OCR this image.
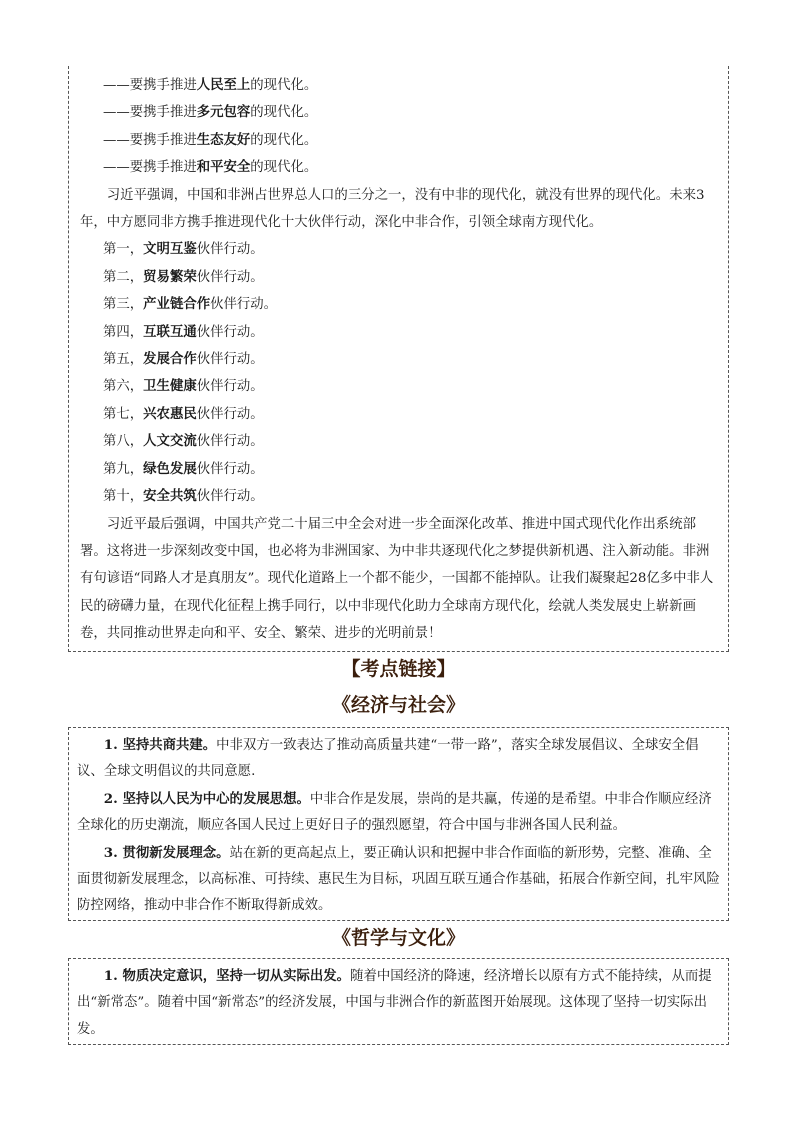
——要携手推进人民至上的现代化。

——要携手推进多元包容的现代化。

——要携手推进生态友好的现代化。

——要携手推进和平安全的现代化。

习近平强调，中国和非洲占世界总人口的三分之一，没有中非的现代化，就没有世界的现代化。未来3年，中方愿同非方携手推进现代化十大伙伴行动，深化中非合作，引领全球南方现代化。

第一，文明互鉴伙伴行动。

第二，贸易繁荣伙伴行动。

第三，产业链合作伙伴行动。

第四，互联互通伙伴行动。

第五，发展合作伙伴行动。

第六，卫生健康伙伴行动。

第七，兴农惠民伙伴行动。

第八，人文交流伙伴行动。

第九，绿色发展伙伴行动。

第十，安全共筑伙伴行动。

习近平最后强调，中国共产党二十届三中全会对进一步全面深化改革、推进中国式现代化作出系统部署。这将进一步深刻改变中国，也必将为非洲国家、为中非共逐现代化之梦提供新机遇、注入新动能。非洲有句谚语“同路人才是真朋友”。现代化道路上一个都不能少，一国都不能掉队。让我们凝聚起28亿多中非人民的磅礴力量，在现代化征程上携手同行，以中非现代化助力全球南方现代化，绘就人类发展史上崭新画卷，共同推动世界走向和平、安全、繁荣、进步的光明前景！

【考点链接】
《经济与社会》

1. 坚持共商共建。中非双方一致表达了推动高质量共建“一带一路”，落实全球发展倡议、全球安全倡议、全球文明倡议的共同意愿.

2. 坚持以人民为中心的发展思想。中非合作是发展，崇尚的是共赢，传递的是希望。中非合作顺应经济全球化的历史潮流，顺应各国人民过上更好日子的强烈愿望，符合中国与非洲各国人民利益。

3. 贯彻新发展理念。站在新的更高起点上，要正确认识和把握中非合作面临的新形势，完整、准确、全面贯彻新发展理念，以高标准、可持续、惠民生为目标，巩固互联互通合作基础，拓展合作新空间，扎牢风险防控网络，推动中非合作不断取得新成效。

《哲学与文化》

1. 物质决定意识，坚持一切从实际出发。随着中国经济的降速，经济增长以原有方式不能持续，从而提出“新常态”。随着中国“新常态”的经济发展，中国与非洲合作的新蓝图开始展现。这体现了坚持一切实际出发。
